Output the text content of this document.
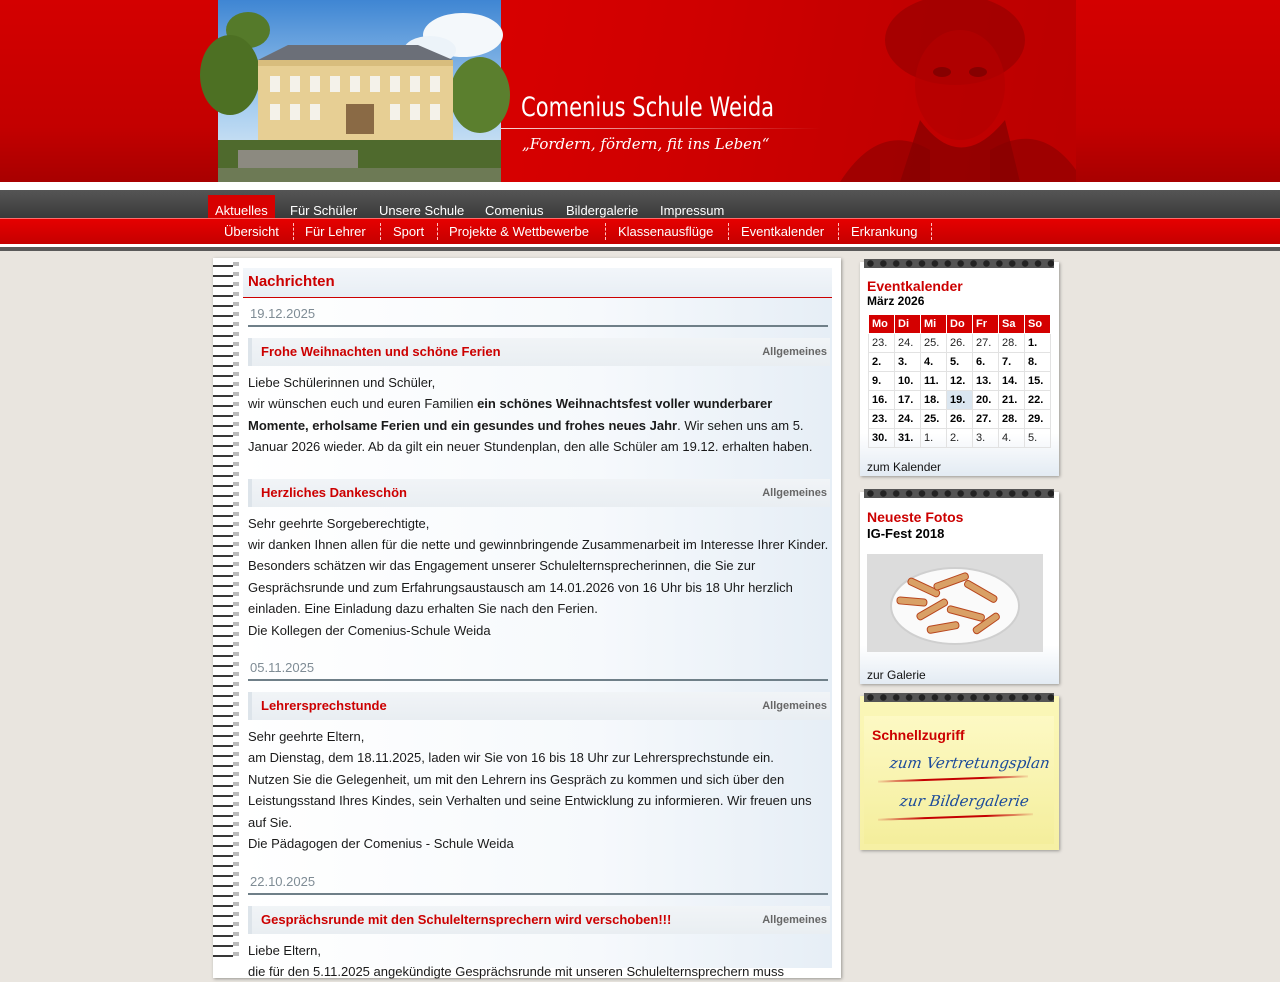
Comenius Schule Weida
„Fordern, fördern, fit ins Leben“
Aktuelles	Für Schüler	Unsere Schule	Comenius	Bildergalerie	Impressum
Übersicht Für Lehrer Sport Projekte & Wettbewerbe Klassenausflüge Eventkalender Erkrankung
Nachrichten
19.12.2025
Frohe Weihnachten und schöne Ferien	Allgemeines
Liebe Schülerinnen und Schüler,
wir wünschen euch und euren Familien ein schönes Weihnachtsfest voller wunderbarer Momente, erholsame Ferien und ein gesundes und frohes neues Jahr. Wir sehen uns am 5. Januar 2026 wieder. Ab da gilt ein neuer Stundenplan, den alle Schüler am 19.12. erhalten haben.
Herzliches Dankeschön	Allgemeines
Sehr geehrte Sorgeberechtigte,
wir danken Ihnen allen für die nette und gewinnbringende Zusammenarbeit im Interesse Ihrer Kinder. Besonders schätzen wir das Engagement unserer Schulelternsprecherinnen, die Sie zur Gesprächsrunde und zum Erfahrungsaustausch am 14.01.2026 von 16 Uhr bis 18 Uhr herzlich einladen. Eine Einladung dazu erhalten Sie nach den Ferien.
Die Kollegen der Comenius-Schule Weida
05.11.2025
Lehrersprechstunde	Allgemeines
Sehr geehrte Eltern,
am Dienstag, dem 18.11.2025, laden wir Sie von 16 bis 18 Uhr zur Lehrersprechstunde ein.
Nutzen Sie die Gelegenheit, um mit den Lehrern ins Gespräch zu kommen und sich über den Leistungsstand Ihres Kindes, sein Verhalten und seine Entwicklung zu informieren. Wir freuen uns auf Sie.
Die Pädagogen der Comenius - Schule Weida
22.10.2025
Gesprächsrunde mit den Schulelternsprechern wird verschoben!!!	Allgemeines
Liebe Eltern,
die für den 5.11.2025 angekündigte Gesprächsrunde mit unseren Schulelternsprechern muss
Eventkalender
März 2026
Mo	Di	Mi	Do	Fr	Sa	So
23.	24.	25.	26.	27.	28.	1.
2.	3.	4.	5.	6.	7.	8.
9.	10.	11.	12.	13.	14.	15.
16.	17.	18.	19.	20.	21.	22.
23.	24.	25.	26.	27.	28.	29.
30.	31.	1.	2.	3.	4.	5.
zum Kalender
Neueste Fotos
IG-Fest 2018
zur Galerie
Schnellzugriff
zum Vertretungsplan
zur Bildergalerie
